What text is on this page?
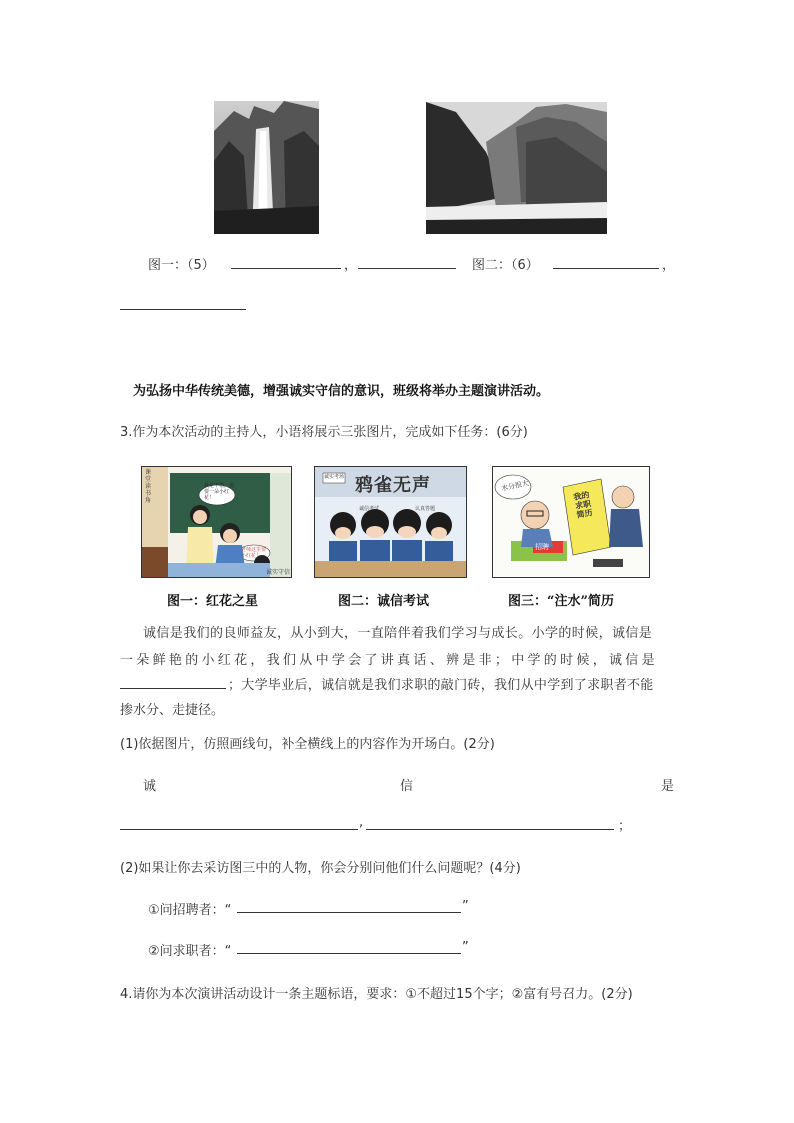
图一：（5）	，	图二：（6）	，
为弘扬中华传统美德，增强诚实守信的意识，班级将举办主题演讲活动。
3.作为本次活动的主持人，小语将展示三张图片，完成如下任务：(6分)
课堂读书角
我是不错，需要一朵小红花！
老师这里要小红花！
诚实守信
诚实考场 鸦雀无声
诚信考试	认真答题
水分很大
我的求职简历
招聘
图一：红花之星	图二：诚信考试	图三：“注水”简历
诚信是我们的良师益友，从小到大，一直陪伴着我们学习与成长。小学的时候，诚信是
一朵鲜艳的小红花，我们从中学会了讲真话、辨是非；中学的时候，诚信是
；大学毕业后，诚信就是我们求职的敲门砖，我们从中学到了求职者不能
掺水分、走捷径。
(1)依据图片，仿照画线句，补全横线上的内容作为开场白。(2分)
诚	信	是
,	；
(2)如果让你去采访图三中的人物，你会分别问他们什么问题呢？(4分)
①问招聘者：“	”
②问求职者：“	”
4.请你为本次演讲活动设计一条主题标语，要求：①不超过15个字；②富有号召力。(2分)
